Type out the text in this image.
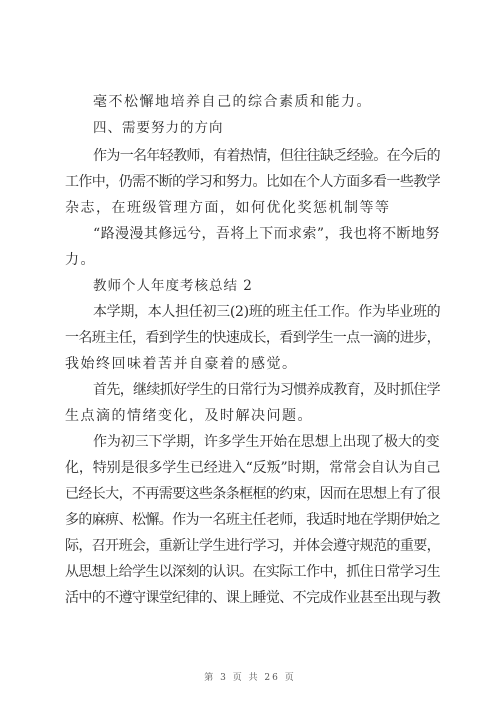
毫不松懈地培养自己的综合素质和能力。
四、需要努力的方向
作为一名年轻教师，有着热情，但往往缺乏经验。在今后的
工作中，仍需不断的学习和努力。比如在个人方面多看一些教学
杂志，在班级管理方面，如何优化奖惩机制等等
“路漫漫其修远兮，吾将上下而求索”，我也将不断地努
力。
教师个人年度考核总结 2
本学期，本人担任初三(2)班的班主任工作。作为毕业班的
一名班主任，看到学生的快速成长，看到学生一点一滴的进步，
我始终回味着苦并自豪着的感觉。
首先，继续抓好学生的日常行为习惯养成教育，及时抓住学
生点滴的情绪变化，及时解决问题。
作为初三下学期，许多学生开始在思想上出现了极大的变
化，特别是很多学生已经进入“反叛”时期，常常会自认为自己
已经长大，不再需要这些条条框框的约束，因而在思想上有了很
多的麻痹、松懈。作为一名班主任老师，我适时地在学期伊始之
际，召开班会，重新让学生进行学习，并体会遵守规范的重要，
从思想上给学生以深刻的认识。在实际工作中，抓住日常学习生
活中的不遵守课堂纪律的、课上睡觉、不完成作业甚至出现与教
第 3 页 共 26 页
